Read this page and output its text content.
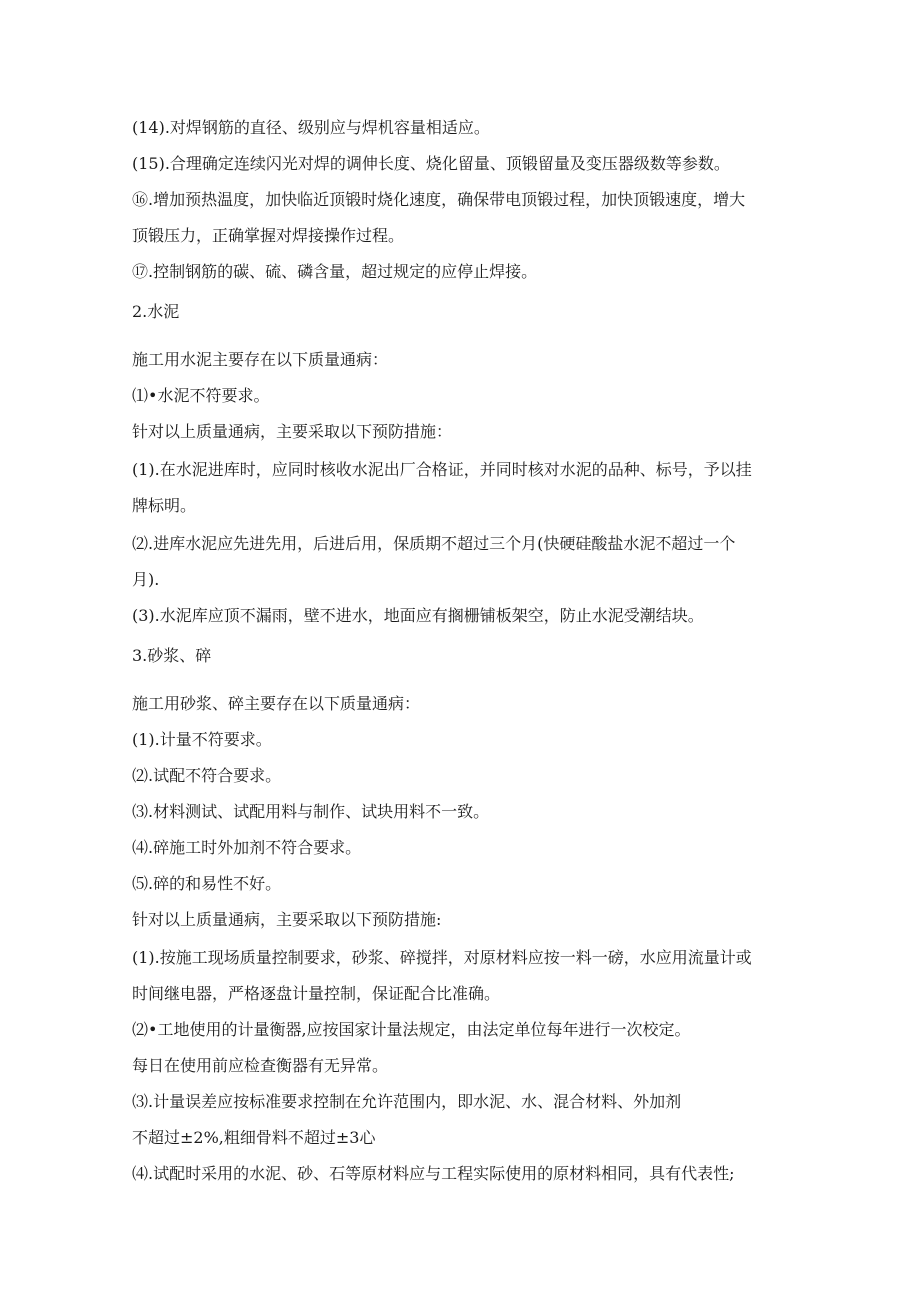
(14).对焊钢筋的直径、级别应与焊机容量相适应。
(15).合理确定连续闪光对焊的调伸长度、烧化留量、顶锻留量及变压器级数等参数。
⑯.增加预热温度，加快临近顶锻时烧化速度，确保带电顶锻过程，加快顶锻速度，增大
顶锻压力，正确掌握对焊接操作过程。
⑰.控制钢筋的碳、硫、磷含量，超过规定的应停止焊接。
2.水泥
施工用水泥主要存在以下质量通病：
⑴•水泥不符要求。
针对以上质量通病，主要采取以下预防措施：
(1).在水泥进库时，应同时核收水泥出厂合格证，并同时核对水泥的品种、标号，予以挂
牌标明。
⑵.进库水泥应先进先用，后进后用，保质期不超过三个月(快硬硅酸盐水泥不超过一个
月).
(3).水泥库应顶不漏雨，壁不进水，地面应有搁栅铺板架空，防止水泥受潮结块。
3.砂浆、碎
施工用砂浆、碎主要存在以下质量通病：
(1).计量不符要求。
⑵.试配不符合要求。
⑶.材料测试、试配用料与制作、试块用料不一致。
⑷.碎施工时外加剂不符合要求。
⑸.碎的和易性不好。
针对以上质量通病，主要采取以下预防措施:
(1).按施工现场质量控制要求，砂浆、碎搅拌，对原材料应按一料一磅，水应用流量计或
时间继电器，严格逐盘计量控制，保证配合比准确。
⑵•工地使用的计量衡器,应按国家计量法规定，由法定单位每年进行一次校定。
每日在使用前应检查衡器有无异常。
⑶.计量误差应按标准要求控制在允许范围内，即水泥、水、混合材料、外加剂
不超过±2%,粗细骨料不超过±3心
⑷.试配时采用的水泥、砂、石等原材料应与工程实际使用的原材料相同，具有代表性;
